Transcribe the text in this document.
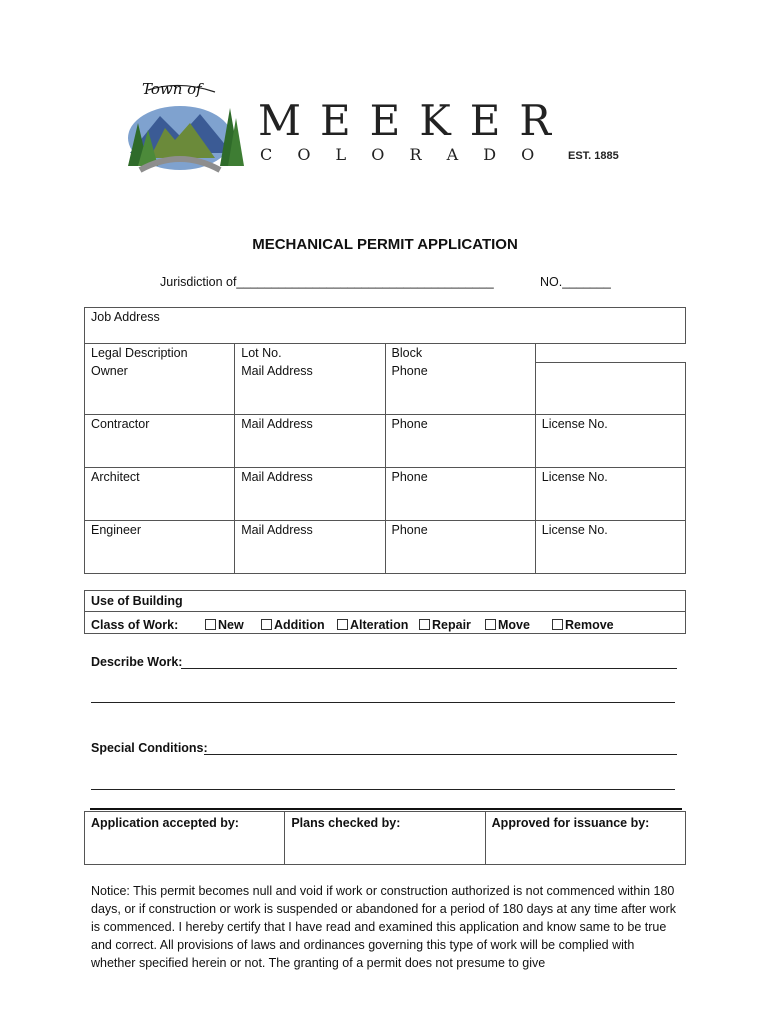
Town of
MEEKER
C O L O R A D O EST. 1885
MECHANICAL PERMIT APPLICATION
Jurisdiction of_____________________________________	NO._______
Job Address			
Legal Description	Lot No.	Block	
Owner	Mail Address	Phone	
Contractor	Mail Address	Phone	License No.
Architect	Mail Address	Phone	License No.
Engineer	Mail Address	Phone	License No.
Use of Building
Class of Work:	New	Addition	Alteration	Repair	Move	Remove
Describe Work:
Special Conditions:
Application accepted by:	Plans checked by:	Approved for issuance by:
Notice: This permit becomes null and void if work or construction authorized is not commenced within 180 days, or if construction or work is suspended or abandoned for a period of 180 days at any time after work is commenced. I hereby certify that I have read and examined this application and know same to be true and correct. All provisions of laws and ordinances governing this type of work will be complied with whether specified herein or not. The granting of a permit does not presume to give
